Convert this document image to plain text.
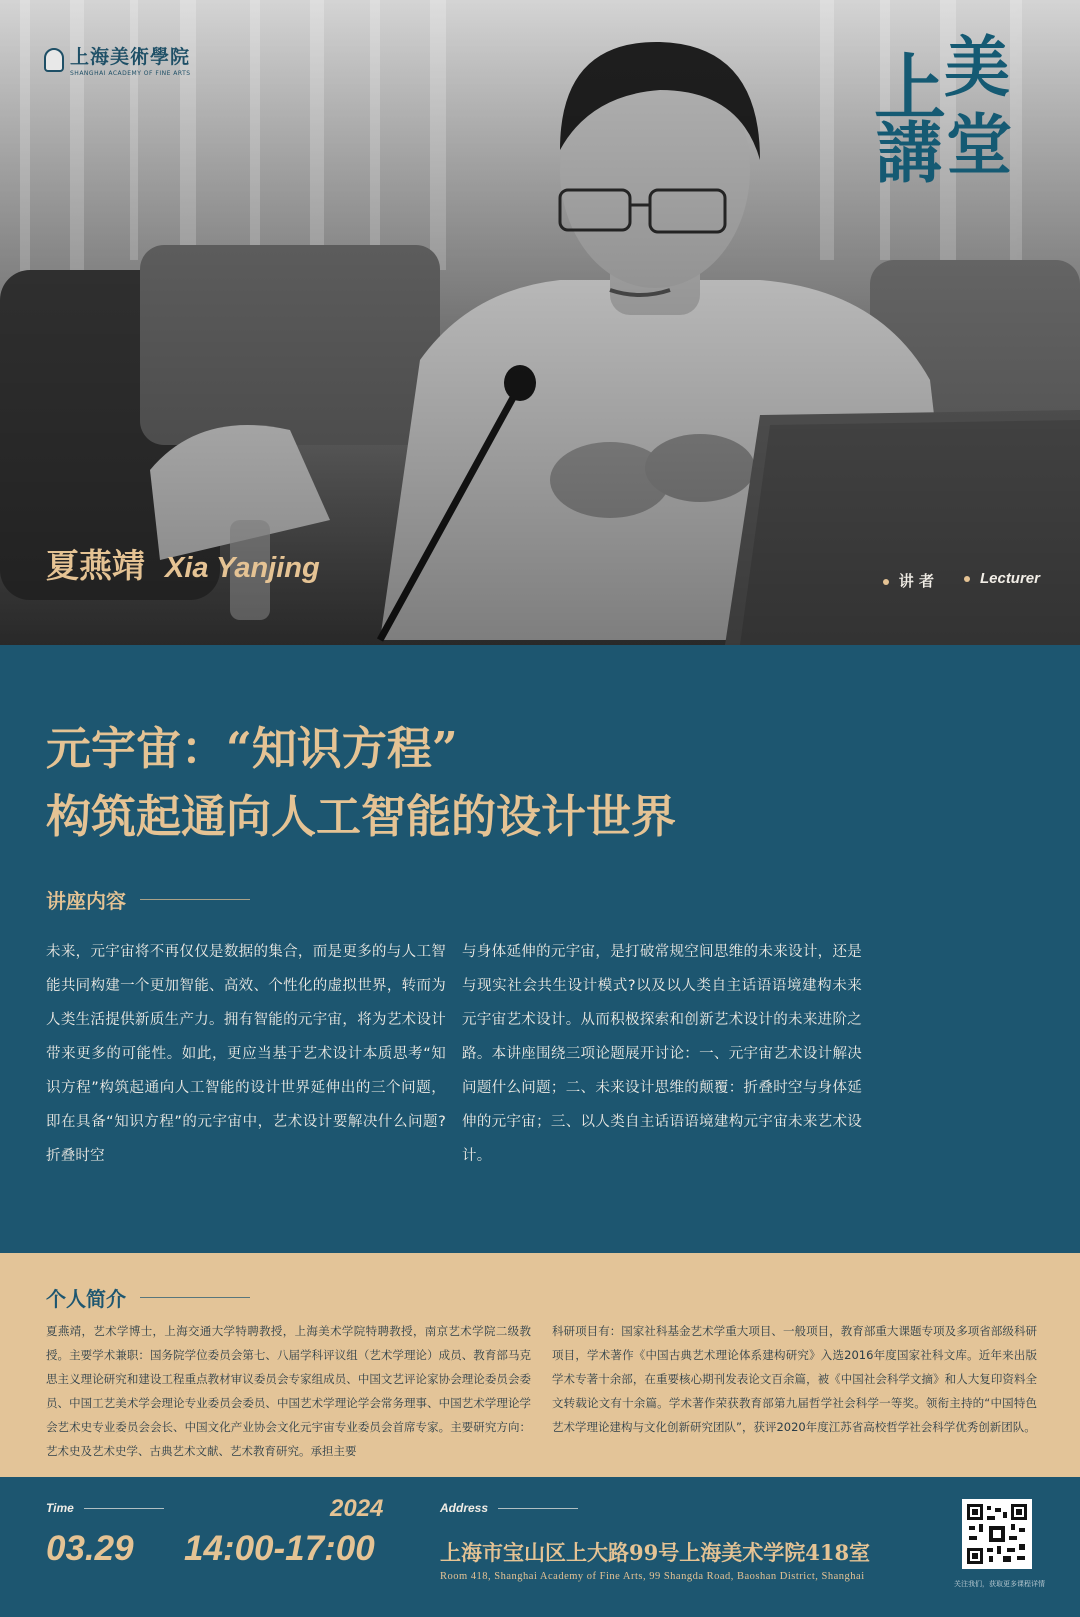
上海美術學院
SHANGHAI ACADEMY OF FINE ARTS	上
美
講 堂
夏燕靖 Xia Yanjing	讲 者	Lecturer
元宇宙：“知识方程”
构筑起通向人工智能的设计世界
讲座内容

未来，元宇宙将不再仅仅是数据的集合，而是更多的与人工智能共同构建一个更加智能、高效、个性化的虚拟世界，转而为人类生活提供新质生产力。拥有智能的元宇宙，将为艺术设计带来更多的可能性。如此，更应当基于艺术设计本质思考“知识方程”构筑起通向人工智能的设计世界延伸出的三个问题，即在具备“知识方程”的元宇宙中，艺术设计要解决什么问题?折叠时空

与身体延伸的元宇宙，是打破常规空间思维的未来设计，还是与现实社会共生设计模式?以及以人类自主话语语境建构未来元宇宙艺术设计。从而积极探索和创新艺术设计的未来进阶之路。本讲座围绕三项论题展开讨论：一、元宇宙艺术设计解决问题什么问题；二、未来设计思维的颠覆：折叠时空与身体延伸的元宇宙；三、以人类自主话语语境建构元宇宙未来艺术设计。

个人简介

夏燕靖，艺术学博士，上海交通大学特聘教授，上海美术学院特聘教授，南京艺术学院二级教授。主要学术兼职：国务院学位委员会第七、八届学科评议组（艺术学理论）成员、教育部马克思主义理论研究和建设工程重点教材审议委员会专家组成员、中国文艺评论家协会理论委员会委员、中国工艺美术学会理论专业委员会委员、中国艺术学理论学会常务理事、中国艺术学理论学会艺术史专业委员会会长、中国文化产业协会文化元宇宙专业委员会首席专家。主要研究方向：艺术史及艺术史学、古典艺术文献、艺术教育研究。承担主要

科研项目有：国家社科基金艺术学重大项目、一般项目，教育部重大课题专项及多项省部级科研项目，学术著作《中国古典艺术理论体系建构研究》入选2016年度国家社科文库。近年来出版学术专著十余部，在重要核心期刊发表论文百余篇，被《中国社会科学文摘》和人大复印资料全文转载论文有十余篇。学术著作荣获教育部第九届哲学社会科学一等奖。领衔主持的“中国特色艺术学理论建构与文化创新研究团队”，获评2020年度江苏省高校哲学社会科学优秀创新团队。

Time	2024
03.29 14:00-17:00
Address
上海市宝山区上大路99号上海美术学院418室
Room 418, Shanghai Academy of Fine Arts, 99 Shangda Road, Baoshan District, Shanghai
关注我们，获取更多课程详情
